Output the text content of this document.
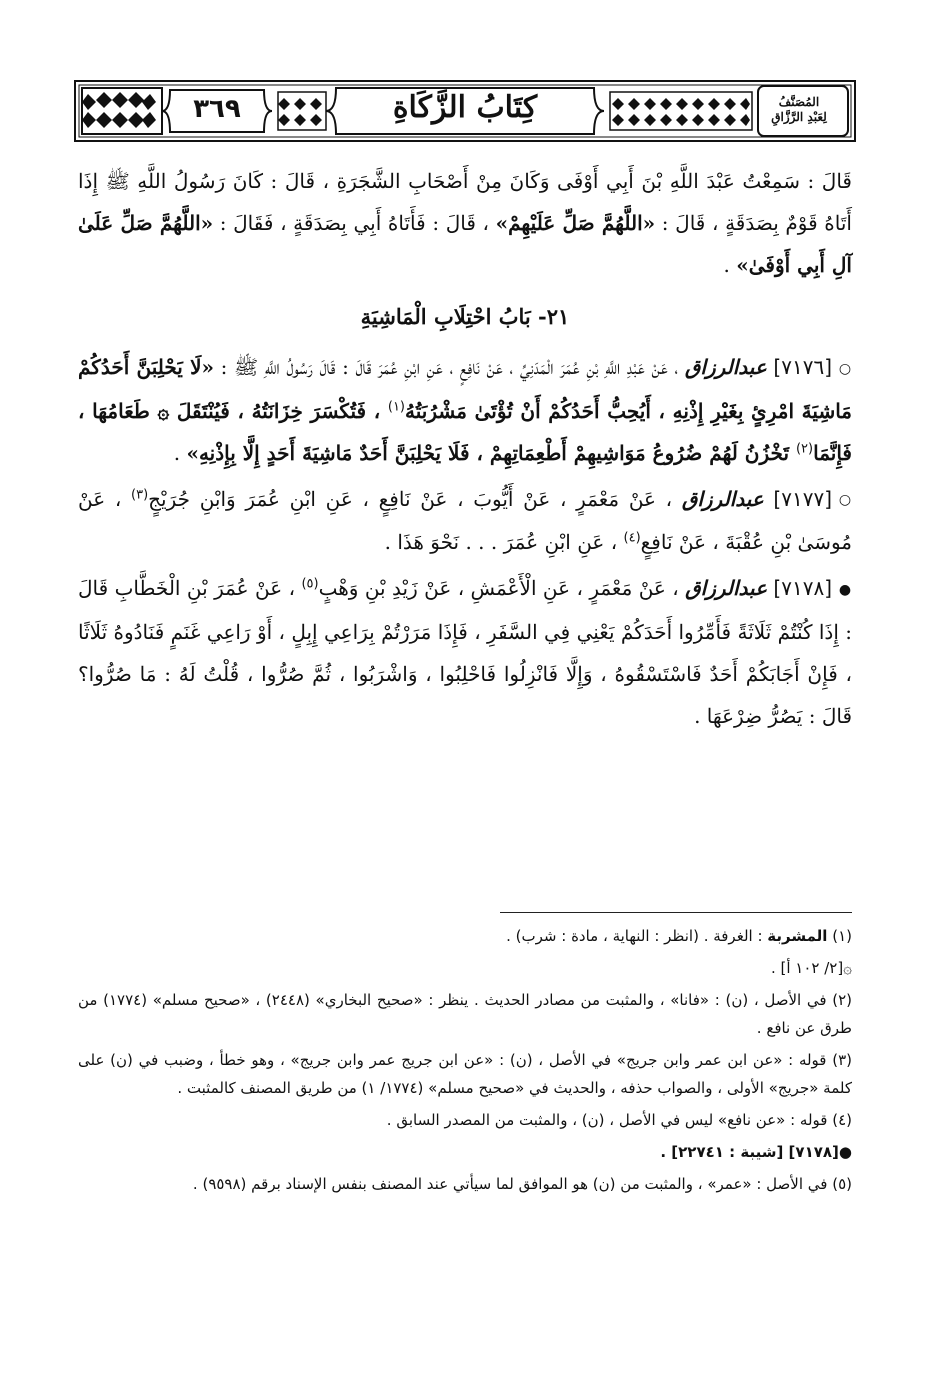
٣٦٩	كِتَابُ الزَّكَاةِ	المُصَنَّفُ
لِعَبْدِ الرَّزَّاقِ

قَالَ : سَمِعْتُ عَبْدَ اللَّهِ بْنَ أَبِي أَوْفَى وَكَانَ مِنْ أَصْحَابِ الشَّجَرَةِ ، قَالَ : كَانَ رَسُولُ اللَّهِ ﷺ إِذَا أَتَاهُ قَوْمٌ بِصَدَقَةٍ ، قَالَ : «اللَّهُمَّ صَلِّ عَلَيْهِمْ» ، قَالَ : فَأَتَاهُ أَبِي بِصَدَقَةٍ ، فَقَالَ : «اللَّهُمَّ صَلِّ عَلَىٰ آلِ أَبِي أَوْفَىٰ» .

٢١- بَابُ احْتِلَابِ الْمَاشِيَةِ

○[٧١٧٦] عبدالرزاق ، عَنْ عَبْدِ اللَّهِ بْنِ عُمَرَ الْمَدَنِيِّ ، عَنْ نَافِعٍ ، عَنِ ابْنِ عُمَرَ قَالَ : قَالَ رَسُولُ اللَّهِ ﷺ : «لَا يَحْلِبَنَّ أَحَدُكُمْ مَاشِيَةَ امْرِئٍ بِغَيْرِ إِذْنِهِ ، أَيُحِبُّ أَحَدُكُمْ أَنْ تُؤْتَىٰ مَشْرُبَتُهُ$^{(١)}$ ، فَتُكْسَرَ خِزَانَتُهُ ، فَيُنْتَقَلَ ۞ طَعَامُهَا ، فَإِنَّمَا$^{(٢)}$ تَخْزُنُ لَهُمْ ضُرُوعُ مَوَاشِيهِمْ أَطْعِمَاتِهِمْ ، فَلَا يَحْلِبَنَّ أَحَدٌ مَاشِيَةَ أَحَدٍ إِلَّا بِإِذْنِهِ» .

○[٧١٧٧] عبدالرزاق ، عَنْ مَعْمَرٍ ، عَنْ أَيُّوبَ ، عَنْ نَافِعٍ ، عَنِ ابْنِ عُمَرَ وَابْنِ جُرَيْجٍ$^{(٣)}$ ، عَنْ مُوسَىٰ بْنِ عُقْبَةَ ، عَنْ نَافِعٍ$^{(٤)}$ ، عَنِ ابْنِ عُمَرَ . . . نَحْوَ هَذَا .

●[٧١٧٨] عبدالرزاق ، عَنْ مَعْمَرٍ ، عَنِ الْأَعْمَشِ ، عَنْ زَيْدِ بْنِ وَهْبٍ$^{(٥)}$ ، عَنْ عُمَرَ بْنِ الْخَطَّابِ قَالَ : إِذَا كُنْتُمْ ثَلَاثَةً فَأَمِّرُوا أَحَدَكُمْ يَعْنِي فِي السَّفَرِ ، فَإِذَا مَرَرْتُمْ بِرَاعِي إِبِلٍ ، أَوْ رَاعِي غَنَمٍ فَنَادُوهُ ثَلَاثًا ، فَإِنْ أَجَابَكُمْ أَحَدٌ فَاسْتَسْقُوهُ ، وَإِلَّا فَانْزِلُوا فَاحْلِبُوا ، وَاشْرَبُوا ، ثُمَّ صُرُّوا ، قُلْتُ لَهُ : مَا صُرُّوا؟ قَالَ : يَصُرُّ ضِرْعَهَا .

(١) المشربة : الغرفة . (انظر : النهاية ، مادة : شرب) .

۞[٢/ ١٠٢ أ] .

(٢) في الأصل ، (ن) : «فانا» ، والمثبت من مصادر الحديث . ينظر : «صحيح البخاري» (٢٤٤٨) ، «صحيح مسلم» (١٧٧٤) من طرق عن نافع .

(٣) قوله : «عن ابن عمر وابن جريج» في الأصل ، (ن) : «عن ابن جريج عمر وابن جريج» ، وهو خطأ ، وضبب في (ن) على كلمة «جريج» الأولى ، والصواب حذفه ، والحديث في «صحيح مسلم» (١٧٧٤/ ١) من طريق المصنف كالمثبت .

(٤) قوله : «عن نافع» ليس في الأصل ، (ن) ، والمثبت من المصدر السابق .

●[٧١٧٨] [شيبة : ٢٢٧٤١] .

(٥) في الأصل : «عمر» ، والمثبت من (ن) هو الموافق لما سيأتي عند المصنف بنفس الإسناد برقم (٩٥٩٨) .
